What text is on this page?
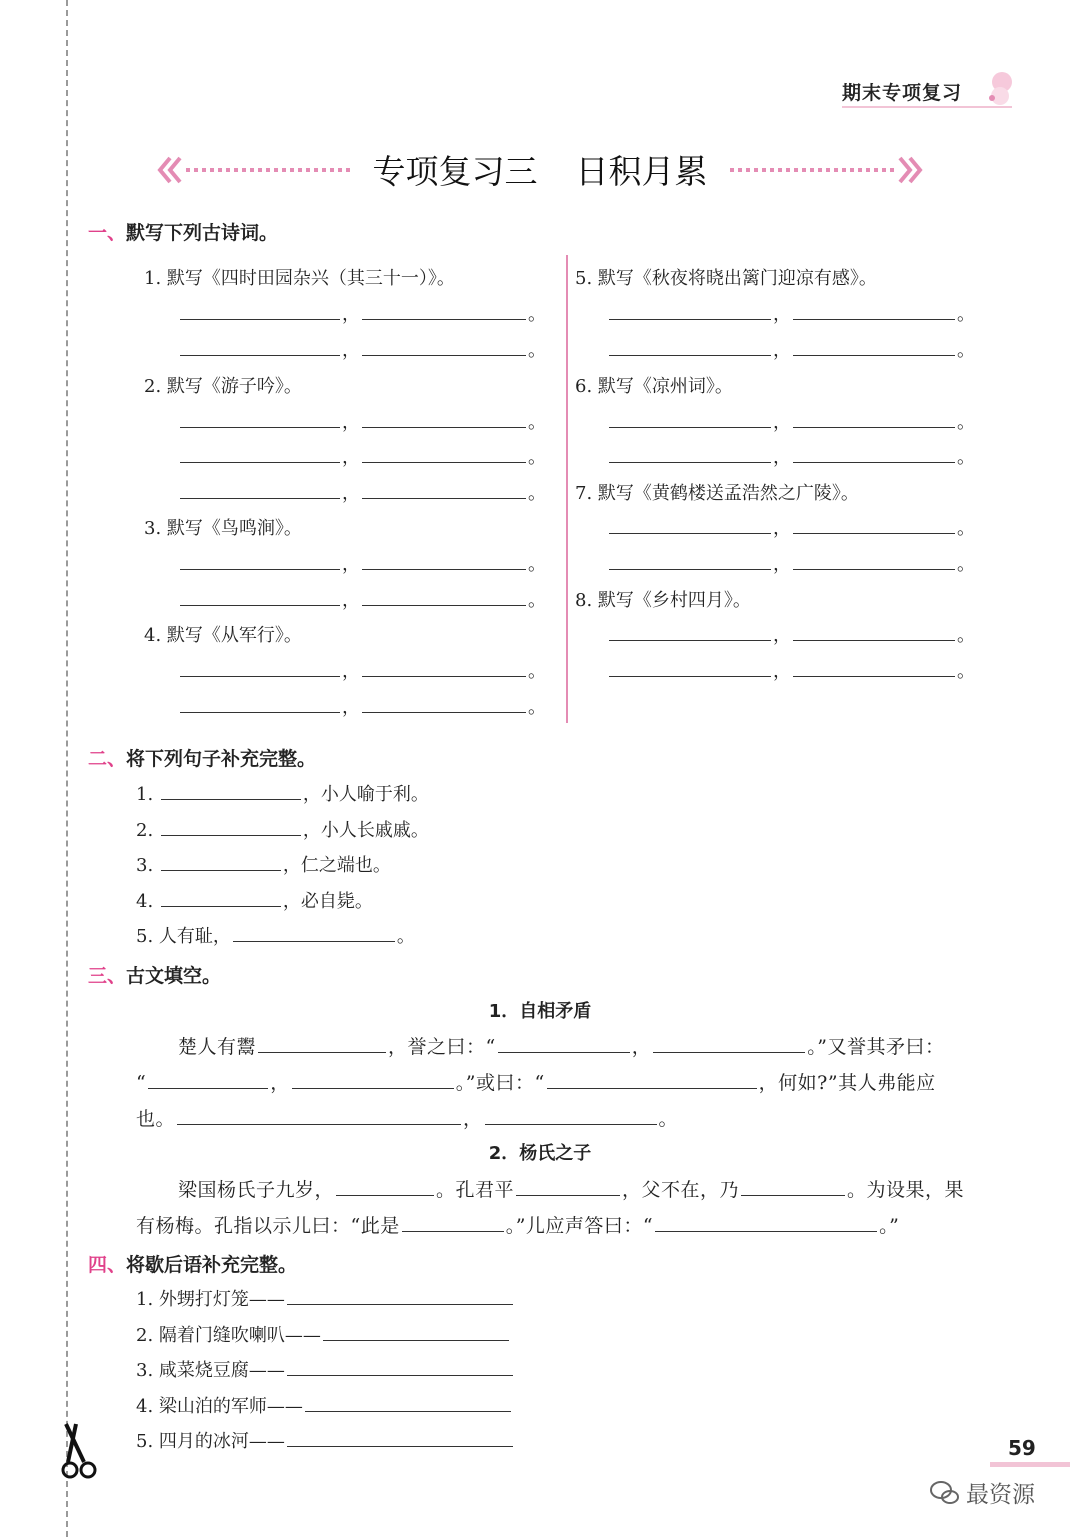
期末专项复习
专项复习三 日积月累
一、默写下列古诗词。
1. 默写《四时田园杂兴（其三十一）》。
，	。
，	。
2. 默写《游子吟》。
，	。
，	。
，	。
3. 默写《鸟鸣涧》。
，	。
，	。
4. 默写《从军行》。
，	。
，	。
5. 默写《秋夜将晓出篱门迎凉有感》。
，	。
，	。
6. 默写《凉州词》。
，	。
，	。
7. 默写《黄鹤楼送孟浩然之广陵》。
，	。
，	。
8. 默写《乡村四月》。
，	。
，	。
二、将下列句子补充完整。
1.	，小人喻于利。
2.	，小人长戚戚。
3.	，仁之端也。
4.	，必自毙。
5. 人有耻，	。
三、古文填空。
1．自相矛盾
楚人有鬻	，誉之曰：“	，	。”又誉其矛曰：
“	，	。”或曰：“	，何如?”其人弗能应
也。	，	。
2．杨氏之子
梁国杨氏子九岁，	。孔君平	，父不在，乃	。为设果，果
有杨梅。孔指以示儿曰：“此是	。”儿应声答曰：“	。”
四、将歇后语补充完整。
1. 外甥打灯笼——
2. 隔着门缝吹喇叭——
3. 咸菜烧豆腐——
4. 梁山泊的军师——
5. 四月的冰河——	59
最资源
